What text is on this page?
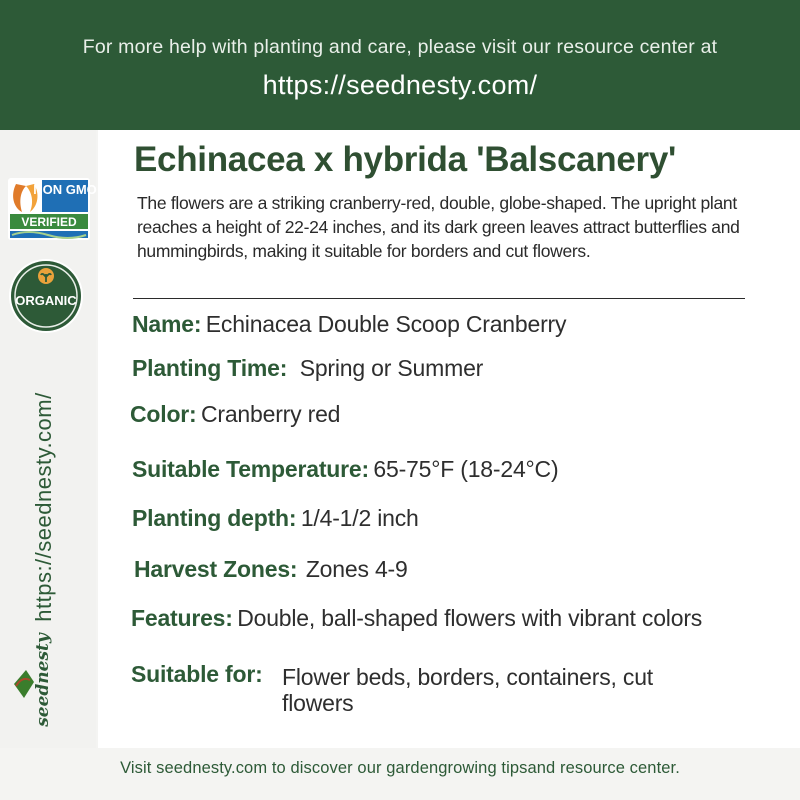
For more help with planting and care, please visit our resource center at
https://seednesty.com/
NON GMO
VERIFIED
ORGANIC
https://seednesty.com/
seednesty
Echinacea x hybrida 'Balscanery'

The flowers are a striking cranberry-red, double, globe-shaped. The upright plant reaches a height of 22-24 inches, and its dark green leaves attract butterflies and hummingbirds, making it suitable for borders and cut flowers.

Name: Echinacea Double Scoop Cranberry
Planting Time: Spring or Summer
Color: Cranberry red
Suitable Temperature: 65-75°F (18-24°C)
Planting depth: 1/4-1/2 inch
Harvest Zones: Zones 4-9
Features: Double, ball-shaped flowers with vibrant colors
Suitable for: Flower beds, borders, containers, cut
flowers
Visit seednesty.com to discover our gardengrowing tipsand resource center.
